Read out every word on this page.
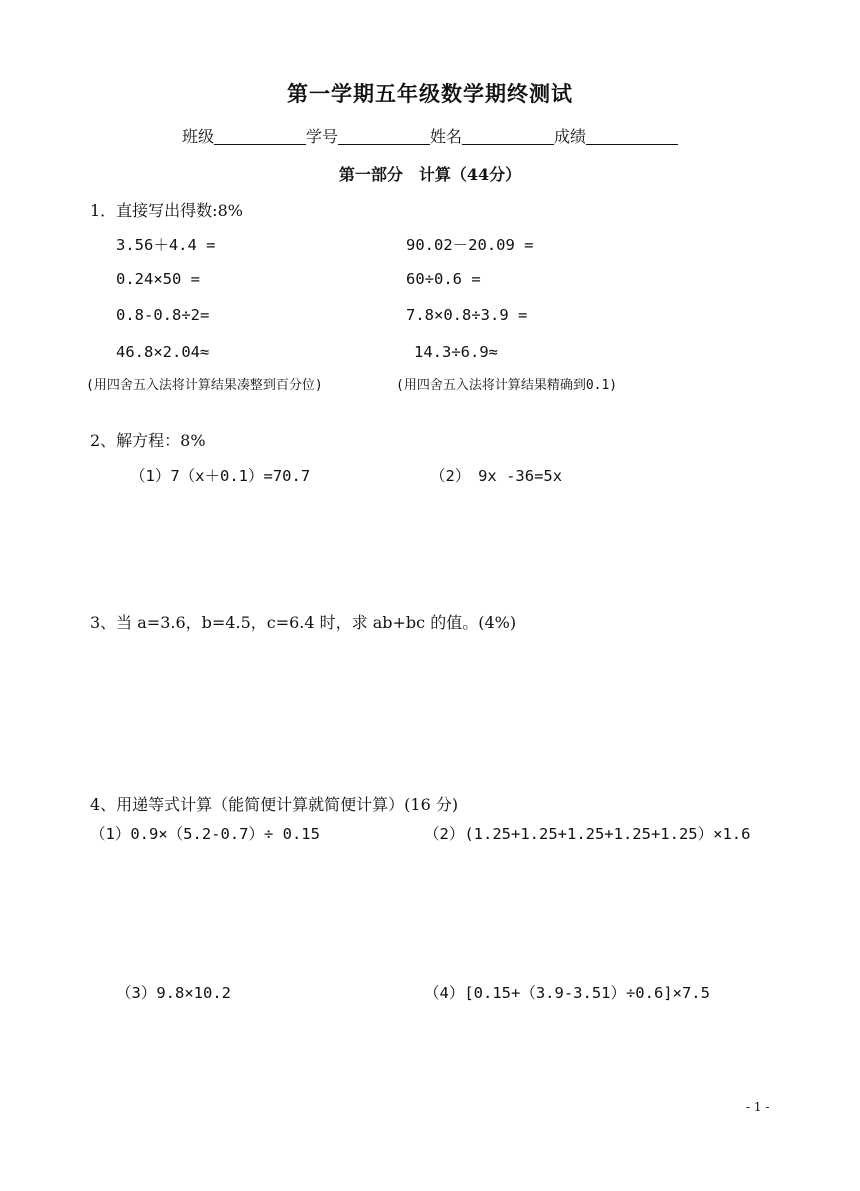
第一学期五年级数学期终测试
班级	学号	姓名	成绩
第一部分　计算（44分）
1．直接写出得数:8%
3.56＋4.4 =	90.02－20.09 =
0.24×50 =	60÷0.6 =
0.8-0.8÷2=	7.8×0.8÷3.9 =
46.8×2.04≈	14.3÷6.9≈
(用四舍五入法将计算结果凑整到百分位)	(用四舍五入法将计算结果精确到0.1)
2、解方程：8%
（1）7（x＋0.1）=70.7	（2）　9x -36=5x
3、当 a=3.6，b=4.5，c=6.4 时，求 ab+bc 的值。(4%)
4、用递等式计算（能简便计算就简便计算）(16 分)
（1）0.9×（5.2-0.7）÷ 0.15	（2）(1.25+1.25+1.25+1.25+1.25）×1.6
（3）9.8×10.2	（4）[0.15+（3.9-3.51）÷0.6]×7.5
- 1 -
